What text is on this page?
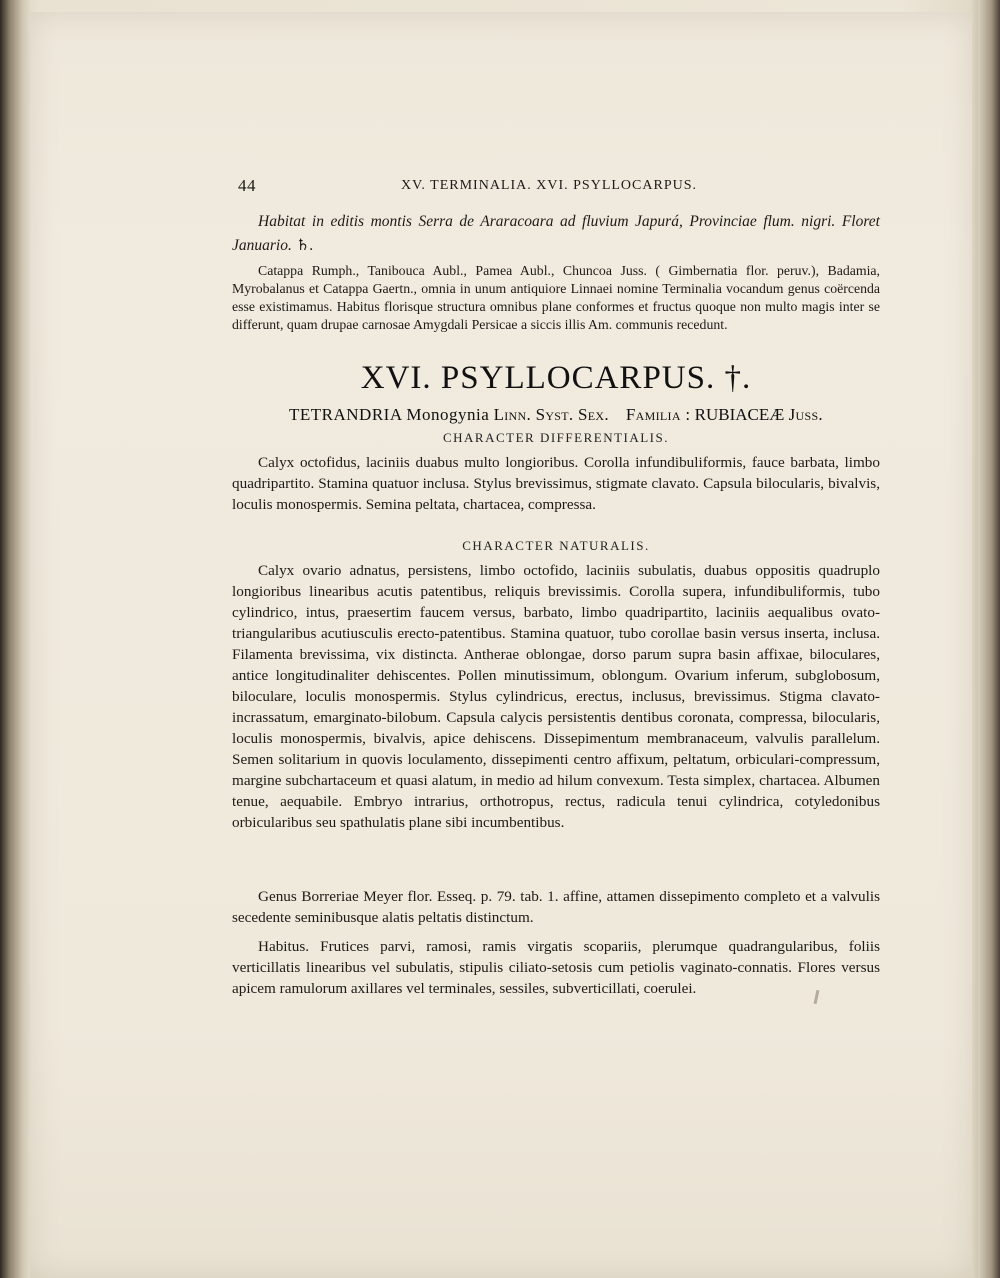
44	XV. TERMINALIA. XVI. PSYLLOCARPUS.

Habitat in editis montis Serra de Araracoara ad fluvium Japurá, Provinciae flum. nigri. Floret Januario. ♄.

Catappa Rumph., Tanibouca Aubl., Pamea Aubl., Chuncoa Juss. ( Gimbernatia flor. peruv.), Badamia, Myrobalanus et Catappa Gaertn., omnia in unum antiquiore Linnaei nomine Terminalia vocandum genus coërcenda esse existimamus. Habitus florisque structura omnibus plane conformes et fructus quoque non multo magis inter se differunt, quam drupae carnosae Amygdali Persicae a siccis illis Am. communis recedunt.

XVI. PSYLLOCARPUS. †.
TETRANDRIA Monogynia Linn. Syst. Sex. Familia : RUBIACEÆ Juss.
CHARACTER DIFFERENTIALIS.

Calyx octofidus, laciniis duabus multo longioribus. Corolla infundibuliformis, fauce barbata, limbo quadripartito. Stamina quatuor inclusa. Stylus brevissimus, stigmate clavato. Capsula bilocularis, bivalvis, loculis monospermis. Semina peltata, chartacea, compressa.

CHARACTER NATURALIS.

Calyx ovario adnatus, persistens, limbo octofido, laciniis subulatis, duabus oppositis quadruplo longioribus linearibus acutis patentibus, reliquis brevissimis. Corolla supera, infundibuliformis, tubo cylindrico, intus, praesertim faucem versus, barbato, limbo quadripartito, laciniis aequalibus ovato-triangularibus acutiusculis erecto-patentibus. Stamina quatuor, tubo corollae basin versus inserta, inclusa. Filamenta brevissima, vix distincta. Antherae oblongae, dorso parum supra basin affixae, biloculares, antice longitudinaliter dehiscentes. Pollen minutissimum, oblongum. Ovarium inferum, subglobosum, biloculare, loculis monospermis. Stylus cylindricus, erectus, inclusus, brevissimus. Stigma clavato-incrassatum, emarginato-bilobum. Capsula calycis persistentis dentibus coronata, compressa, bilocularis, loculis monospermis, bivalvis, apice dehiscens. Dissepimentum membranaceum, valvulis parallelum. Semen solitarium in quovis loculamento, dissepimenti centro affixum, peltatum, orbiculari-compressum, margine subchartaceum et quasi alatum, in medio ad hilum convexum. Testa simplex, chartacea. Albumen tenue, aequabile. Embryo intrarius, orthotropus, rectus, radicula tenui cylindrica, cotyledonibus orbicularibus seu spathulatis plane sibi incumbentibus.

Genus Borreriae Meyer flor. Esseq. p. 79. tab. 1. affine, attamen dissepimento completo et a valvulis secedente seminibusque alatis peltatis distinctum.

Habitus. Frutices parvi, ramosi, ramis virgatis scopariis, plerumque quadrangularibus, foliis verticillatis linearibus vel subulatis, stipulis ciliato-setosis cum petiolis vaginato-connatis. Flores versus apicem ramulorum axillares vel terminales, sessiles, subverticillati, coerulei.
